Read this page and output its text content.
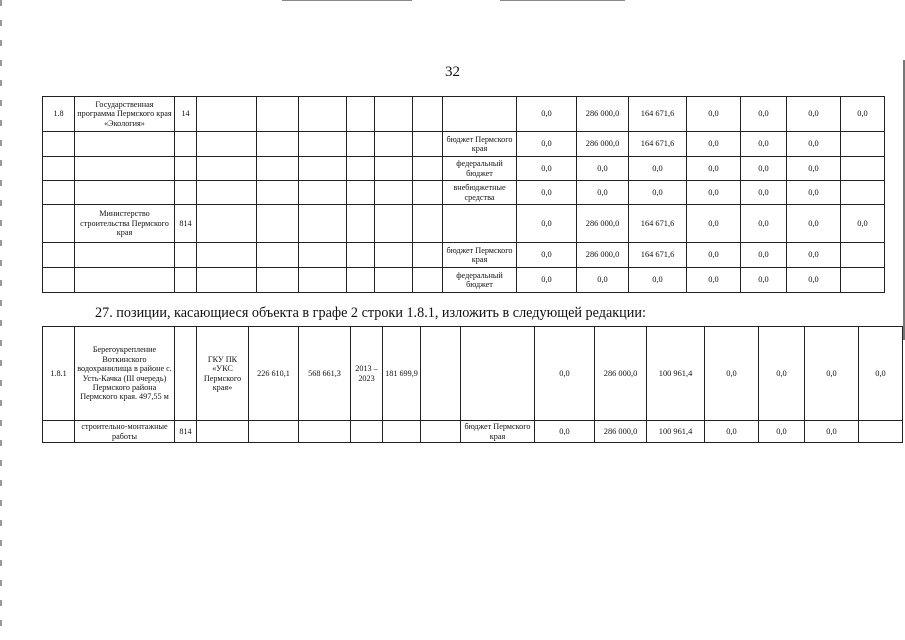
32
1.8	Государственная программа Пермского края «Экология»	14								0,0	286 000,0	164 671,6	0,0	0,0	0,0	0,0
									бюджет Пермского края	0,0	286 000,0	164 671,6	0,0	0,0	0,0	
									федеральный бюджет	0,0	0,0	0,0	0,0	0,0	0,0	
									внебюджетные средства	0,0	0,0	0,0	0,0	0,0	0,0	
	Министерство строительства Пермского края	814								0,0	286 000,0	164 671,6	0,0	0,0	0,0	0,0
									бюджет Пермского края	0,0	286 000,0	164 671,6	0,0	0,0	0,0	
									федеральный бюджет	0,0	0,0	0,0	0,0	0,0	0,0	
27. позиции, касающиеся объекта в графе 2 строки 1.8.1, изложить в следующей редакции:
1.8.1	Берегоукрепление Воткинского водохранилища в районе с. Усть-Качка (III очередь) Пермского района Пермского края. 497,55 м		ГКУ ПК «УКС Пермского края»	226 610,1	568 661,3	2013 – 2023	181 699,9			0,0	286 000,0	100 961,4	0,0	0,0	0,0	0,0
	строительно-монтажные работы	814							бюджет Пермского края	0,0	286 000,0	100 961,4	0,0	0,0	0,0	
